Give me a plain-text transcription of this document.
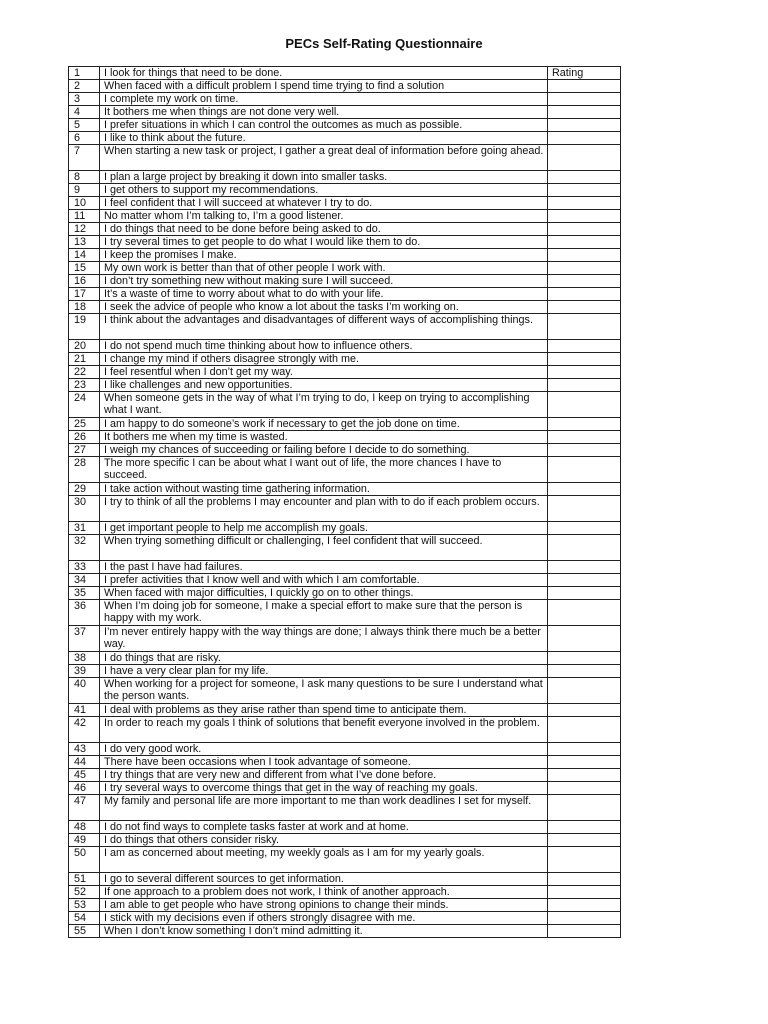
PECs Self-Rating Questionnaire
1	I look for things that need to be done.	Rating
2	When faced with a difficult problem I spend time trying to find a solution	
3	I complete my work on time.	
4	It bothers me when things are not done very well.	
5	I prefer situations in which I can control the outcomes as much as possible.	
6	I like to think about the future.	
7	When starting a new task or project, I gather a great deal of information before going ahead.	
8	I plan a large project by breaking it down into smaller tasks.	
9	I get others to support my recommendations.	
10	I feel confident that I will succeed at whatever I try to do.	
11	No matter whom I’m talking to, I’m a good listener.	
12	I do things that need to be done before being asked to do.	
13	I try several times to get people to do what I would like them to do.	
14	I keep the promises I make.	
15	My own work is better than that of other people I work with.	
16	I don’t try something new without making sure I will succeed.	
17	It’s a waste of time to worry about what to do with your life.	
18	I seek the advice of people who know a lot about the tasks I’m working on.	
19	I think about the advantages and disadvantages of different ways of accomplishing things.	
20	I do not spend much time thinking about how to influence others.	
21	I change my mind if others disagree strongly with me.	
22	I feel resentful when I don’t get my way.	
23	I like challenges and new opportunities.	
24	When someone gets in the way of what I’m trying to do, I keep on trying to accomplishing what I want.	
25	I am happy to do someone’s work if necessary to get the job done on time.	
26	It bothers me when my time is wasted.	
27	I weigh my chances of succeeding or failing before I decide to do something.	
28	The more specific I can be about what I want out of life, the more chances I have to succeed.	
29	I take action without wasting time gathering information.	
30	I try to think of all the problems I may encounter and plan with to do if each problem occurs.	
31	I get important people to help me accomplish my goals.	
32	When trying something difficult or challenging, I feel confident that will succeed.	
33	I the past I have had failures.	
34	I prefer activities that I know well and with which I am comfortable.	
35	When faced with major difficulties, I quickly go on to other things.	
36	When I’m doing job for someone, I make a special effort to make sure that the person is happy with my work.	
37	I’m never entirely happy with the way things are done; I always think there much be a better way.	
38	I do things that are risky.	
39	I have a very clear plan for my life.	
40	When working for a project for someone, I ask many questions to be sure I understand what the person wants.	
41	I deal with problems as they arise rather than spend time to anticipate them.	
42	In order to reach my goals I think of solutions that benefit everyone involved in the problem.	
43	I do very good work.	
44	There have been occasions when I took advantage of someone.	
45	I try things that are very new and different from what I’ve done before.	
46	I try several ways to overcome things that get in the way of reaching my goals.	
47	My family and personal life are more important to me than work deadlines I set for myself.	
48	I do not find ways to complete tasks faster at work and at home.	
49	I do things that others consider risky.	
50	I am as concerned about meeting, my weekly goals as I am for my yearly goals.	
51	I go to several different sources to get information.	
52	If one approach to a problem does not work, I think of another approach.	
53	I am able to get people who have strong opinions to change their minds.	
54	I stick with my decisions even if others strongly disagree with me.	
55	When I don’t know something I don’t mind admitting it.	
